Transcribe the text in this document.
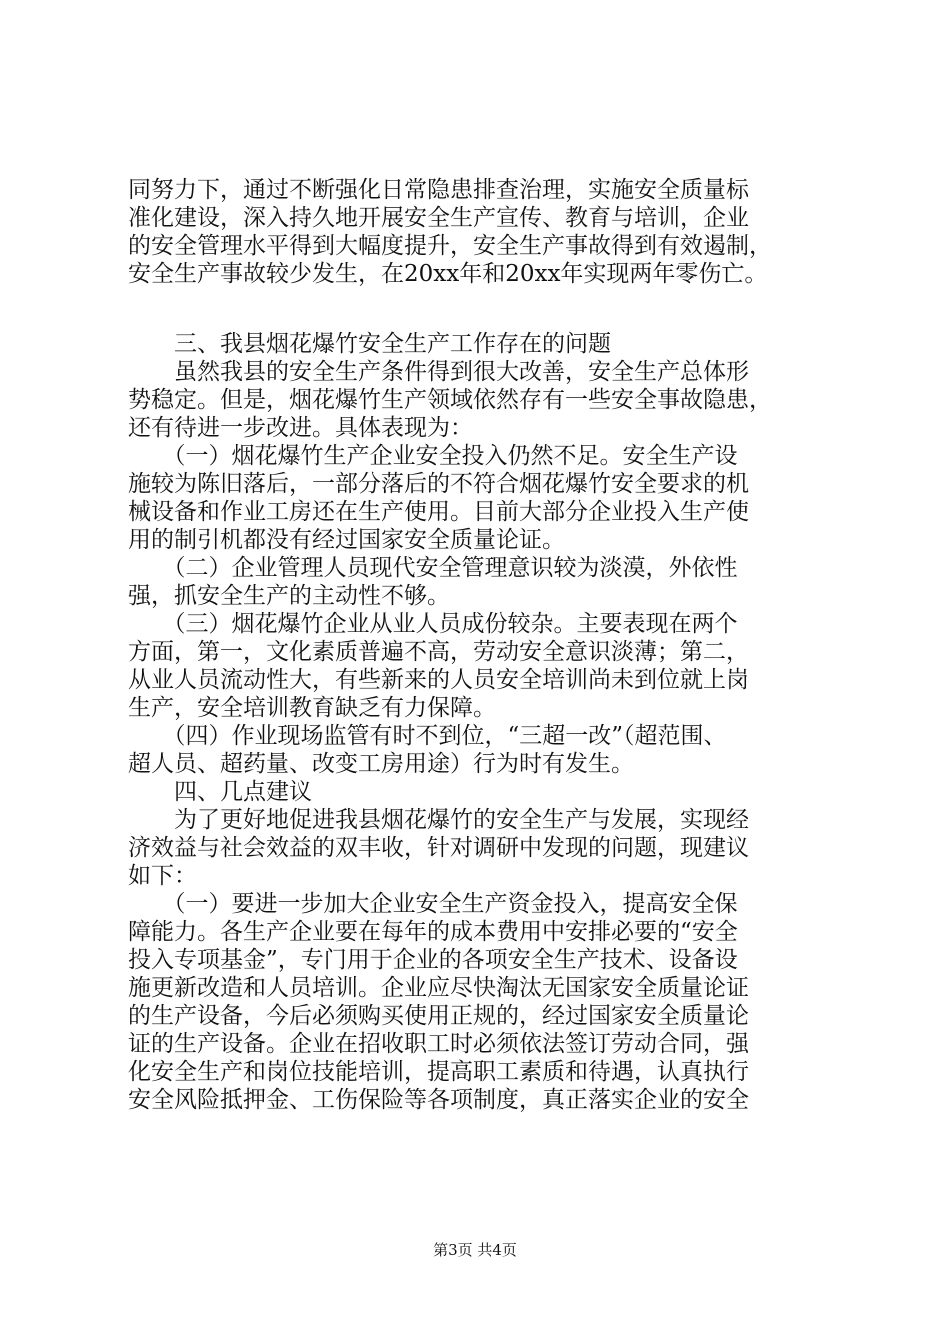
同努力下，通过不断强化日常隐患排查治理，实施安全质量标
准化建设，深入持久地开展安全生产宣传、教育与培训，企业
的安全管理水平得到大幅度提升，安全生产事故得到有效遏制，
安全生产事故较少发生，在20xx年和20xx年实现两年零伤亡。
　　三、我县烟花爆竹安全生产工作存在的问题
　　虽然我县的安全生产条件得到很大改善，安全生产总体形
势稳定。但是，烟花爆竹生产领域依然存有一些安全事故隐患，
还有待进一步改进。具体表现为：
　　（一）烟花爆竹生产企业安全投入仍然不足。安全生产设
施较为陈旧落后，一部分落后的不符合烟花爆竹安全要求的机
械设备和作业工房还在生产使用。目前大部分企业投入生产使
用的制引机都没有经过国家安全质量论证。
　　（二）企业管理人员现代安全管理意识较为淡漠，外依性
强，抓安全生产的主动性不够。
　　（三）烟花爆竹企业从业人员成份较杂。主要表现在两个
方面，第一，文化素质普遍不高，劳动安全意识淡薄；第二，
从业人员流动性大，有些新来的人员安全培训尚未到位就上岗
生产，安全培训教育缺乏有力保障。
　　（四）作业现场监管有时不到位，“三超一改”（超范围、
超人员、超药量、改变工房用途）行为时有发生。
　　四、几点建议
　　为了更好地促进我县烟花爆竹的安全生产与发展，实现经
济效益与社会效益的双丰收，针对调研中发现的问题，现建议
如下：
　　（一）要进一步加大企业安全生产资金投入，提高安全保
障能力。各生产企业要在每年的成本费用中安排必要的“安全
投入专项基金”，专门用于企业的各项安全生产技术、设备设
施更新改造和人员培训。企业应尽快淘汰无国家安全质量论证
的生产设备，今后必须购买使用正规的，经过国家安全质量论
证的生产设备。企业在招收职工时必须依法签订劳动合同，强
化安全生产和岗位技能培训，提高职工素质和待遇，认真执行
安全风险抵押金、工伤保险等各项制度，真正落实企业的安全
第3页 共4页
